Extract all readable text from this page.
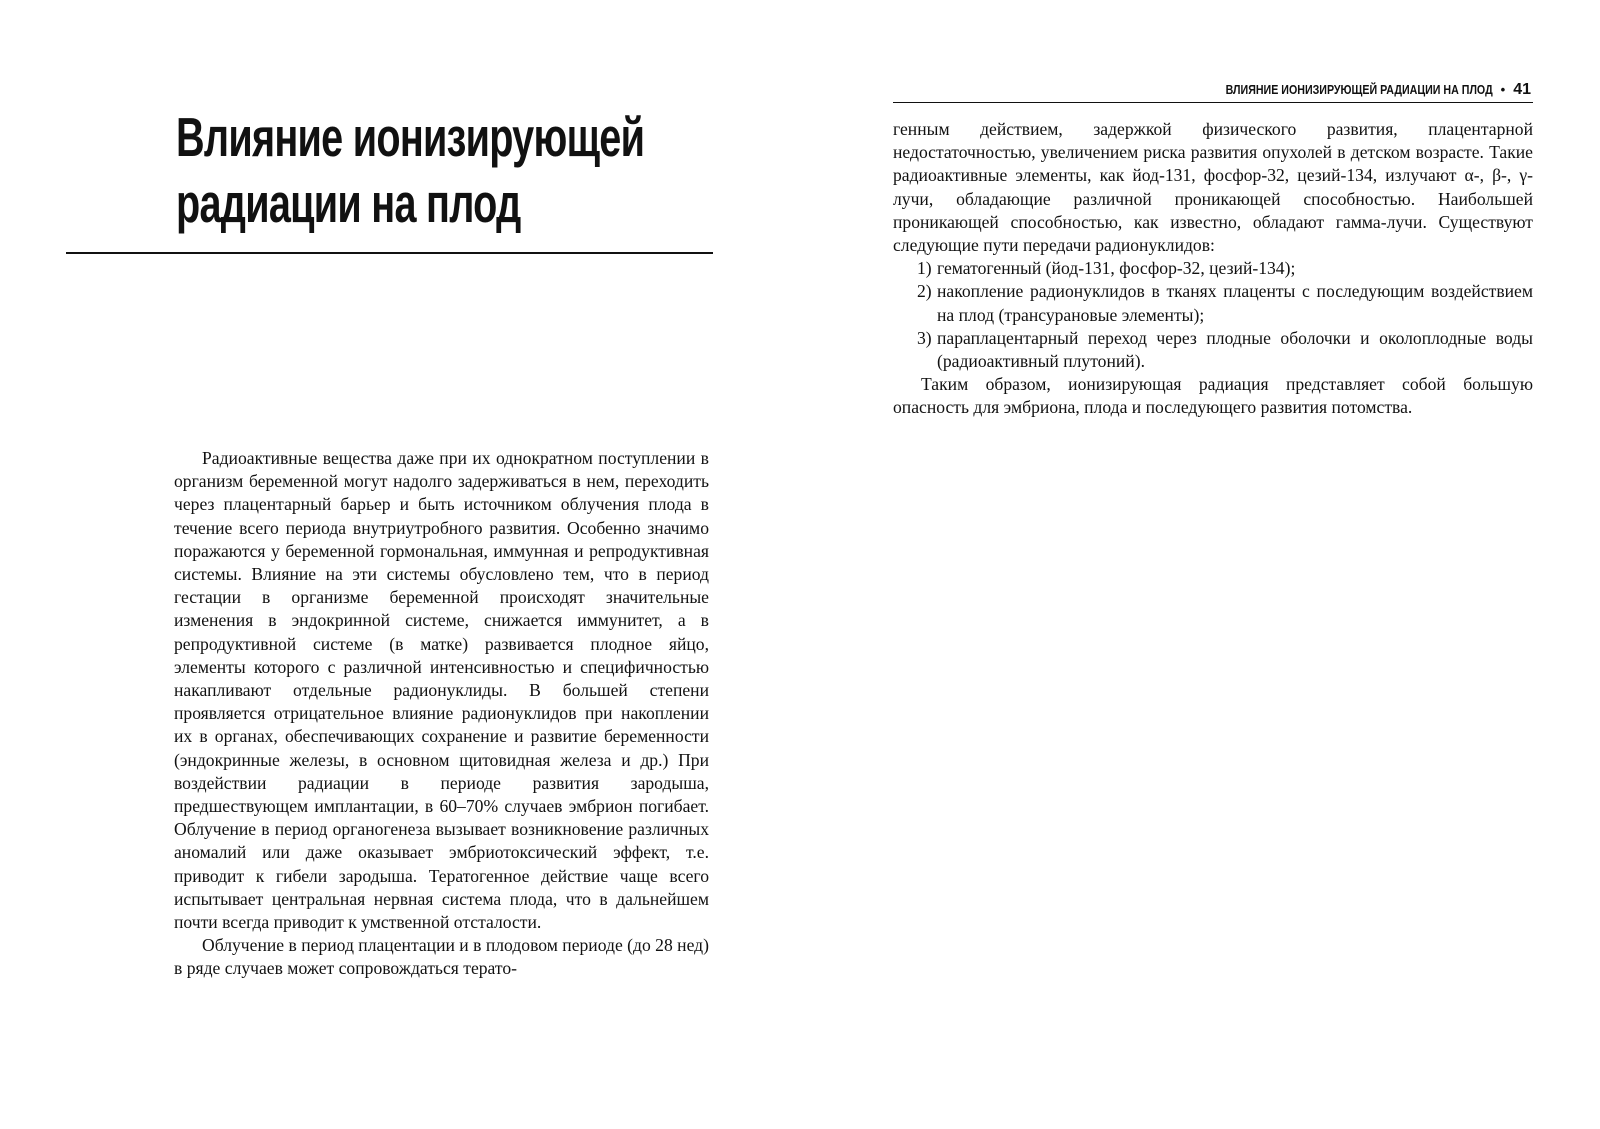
Влияние ионизирующей
радиации на плод

Радиоактивные вещества даже при их однократном поступлении в организм беременной могут надолго задерживаться в нем, переходить через плацентарный барьер и быть источником облучения плода в течение всего периода внутриутробного развития. Особенно значимо поражаются у беременной гормональная, иммунная и репродуктивная системы. Влияние на эти системы обусловлено тем, что в период гестации в организме беременной происходят значительные изменения в эндокринной системе, снижается иммунитет, а в репродуктивной системе (в матке) развивается плодное яйцо, элементы которого с различной интенсивностью и специфичностью накапливают отдельные радионуклиды. В большей степени проявляется отрицательное влияние радионуклидов при накоплении их в органах, обеспечивающих сохранение и развитие беременности (эндокринные железы, в основном щитовидная железа и др.) При воздействии радиации в периоде развития зародыша, предшествующем имплантации, в 60–70% случаев эмбрион погибает. Облучение в период органогенеза вызывает возникновение различных аномалий или даже оказывает эмбриотоксический эффект, т.е. приводит к гибели зародыша. Тератогенное действие чаще всего испытывает центральная нервная система плода, что в дальнейшем почти всегда приводит к умственной отсталости.

Облучение в период плацентации и в плодовом периоде (до 28 нед) в ряде случаев может сопровождаться терато-

ВЛИЯНИЕ ИОНИЗИРУЮЩЕЙ РАДИАЦИИ НА ПЛОД • 41

генным действием, задержкой физического развития, плацентарной недостаточностью, увеличением риска развития опухолей в детском возрасте. Такие радиоактивные элементы, как йод-131, фосфор-32, цезий-134, излучают α-, β-, γ-лучи, обладающие различной проникающей способностью. Наибольшей проникающей способностью, как известно, обладают гамма-лучи. Существуют следующие пути передачи радионуклидов:

1) гематогенный (йод-131, фосфор-32, цезий-134);
2) накопление радионуклидов в тканях плаценты с последующим воздействием на плод (трансурановые элементы);
3) параплацентарный переход через плодные оболочки и околоплодные воды (радиоактивный плутоний).

Таким образом, ионизирующая радиация представляет собой большую опасность для эмбриона, плода и последующего развития потомства.
